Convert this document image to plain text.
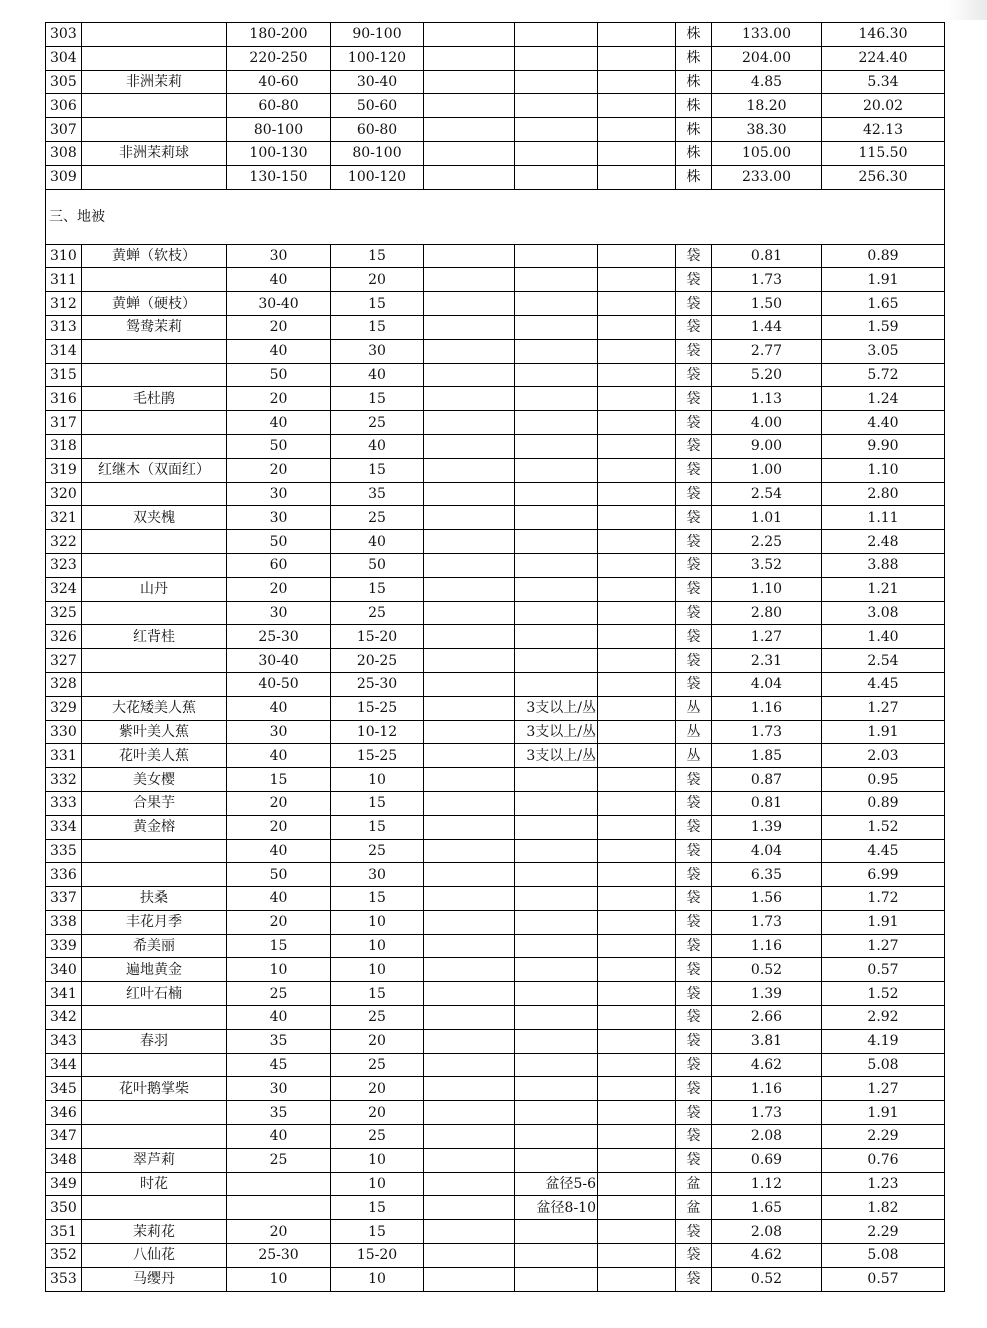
303		180-200	90-100				株	133.00	146.30
304		220-250	100-120				株	204.00	224.40
305	非洲茉莉	40-60	30-40				株	4.85	5.34
306		60-80	50-60				株	18.20	20.02
307		80-100	60-80				株	38.30	42.13
308	非洲茉莉球	100-130	80-100				株	105.00	115.50
309		130-150	100-120				株	233.00	256.30
三、地被									
310	黄蝉（软枝）	30	15				袋	0.81	0.89
311		40	20				袋	1.73	1.91
312	黄蝉（硬枝）	30-40	15				袋	1.50	1.65
313	鸳鸯茉莉	20	15				袋	1.44	1.59
314		40	30				袋	2.77	3.05
315		50	40				袋	5.20	5.72
316	毛杜鹃	20	15				袋	1.13	1.24
317		40	25				袋	4.00	4.40
318		50	40				袋	9.00	9.90
319	红继木（双面红）	20	15				袋	1.00	1.10
320		30	35				袋	2.54	2.80
321	双夹槐	30	25				袋	1.01	1.11
322		50	40				袋	2.25	2.48
323		60	50				袋	3.52	3.88
324	山丹	20	15				袋	1.10	1.21
325		30	25				袋	2.80	3.08
326	红背桂	25-30	15-20				袋	1.27	1.40
327		30-40	20-25				袋	2.31	2.54
328		40-50	25-30				袋	4.04	4.45
329	大花矮美人蕉	40	15-25		3支以上/丛		丛	1.16	1.27
330	紫叶美人蕉	30	10-12		3支以上/丛		丛	1.73	1.91
331	花叶美人蕉	40	15-25		3支以上/丛		丛	1.85	2.03
332	美女樱	15	10				袋	0.87	0.95
333	合果芋	20	15				袋	0.81	0.89
334	黄金榕	20	15				袋	1.39	1.52
335		40	25				袋	4.04	4.45
336		50	30				袋	6.35	6.99
337	扶桑	40	15				袋	1.56	1.72
338	丰花月季	20	10				袋	1.73	1.91
339	希美丽	15	10				袋	1.16	1.27
340	遍地黄金	10	10				袋	0.52	0.57
341	红叶石楠	25	15				袋	1.39	1.52
342		40	25				袋	2.66	2.92
343	春羽	35	20				袋	3.81	4.19
344		45	25				袋	4.62	5.08
345	花叶鹅掌柴	30	20				袋	1.16	1.27
346		35	20				袋	1.73	1.91
347		40	25				袋	2.08	2.29
348	翠芦莉	25	10				袋	0.69	0.76
349	时花		10		盆径5-6		盆	1.12	1.23
350			15		盆径8-10		盆	1.65	1.82
351	茉莉花	20	15				袋	2.08	2.29
352	八仙花	25-30	15-20				袋	4.62	5.08
353	马缨丹	10	10				袋	0.52	0.57
